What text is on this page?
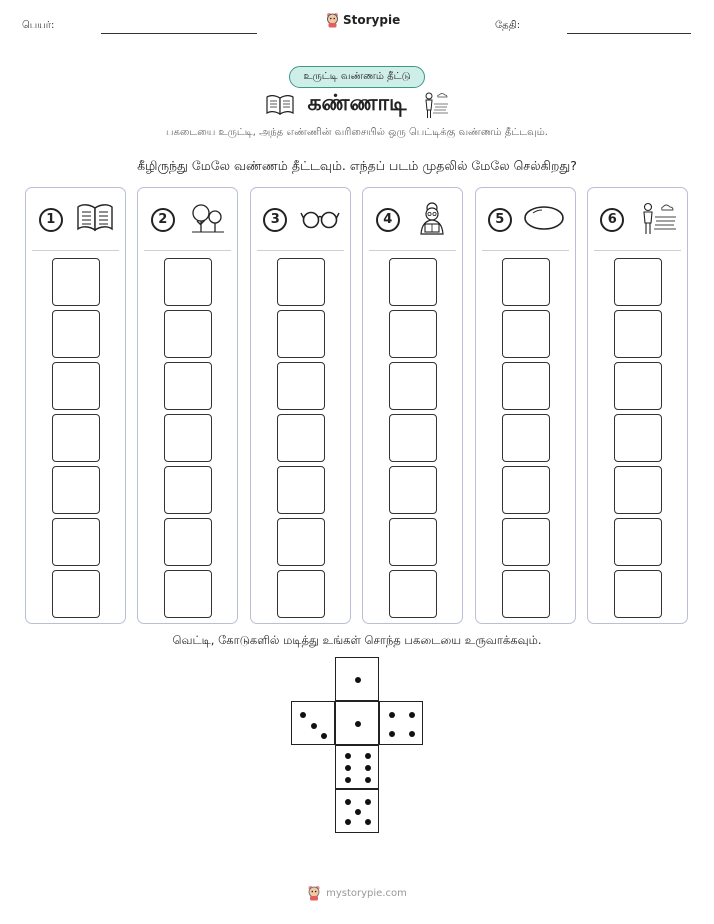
பெயர்:	Storypie	தேதி:
உருட்டி வண்ணம் தீட்டு
கண்ணாடி
பகடையை உருட்டி, அந்த எண்ணின் வரிசையில் ஒரு பெட்டிக்கு வண்ணம் தீட்டவும்.
கீழிருந்து மேலே வண்ணம் தீட்டவும். எந்தப் படம் முதலில் மேலே செல்கிறது?
1	2	3	4	5	6
வெட்டி, கோடுகளில் மடித்து உங்கள் சொந்த பகடையை உருவாக்கவும்.
mystorypie.com
